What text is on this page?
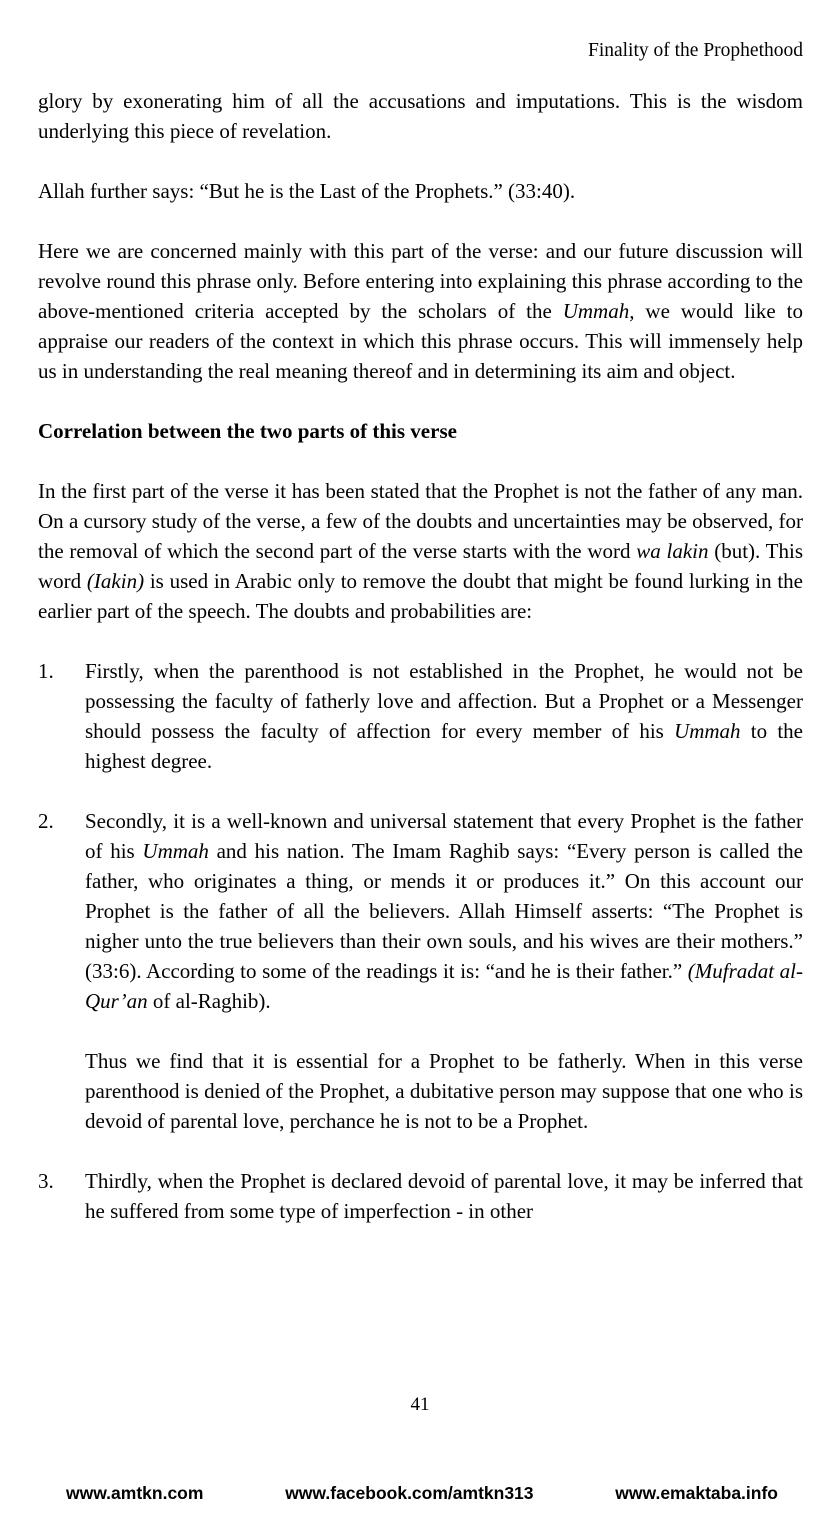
Finality of the Prophethood

glory by exonerating him of all the accusations and imputations. This is the wisdom underlying this piece of revelation.

Allah further says: “But he is the Last of the Prophets.” (33:40).

Here we are concerned mainly with this part of the verse: and our future discussion will revolve round this phrase only. Before entering into explaining this phrase according to the above-mentioned criteria accepted by the scholars of the Ummah, we would like to appraise our readers of the context in which this phrase occurs. This will immensely help us in understanding the real meaning thereof and in determining its aim and object.

Correlation between the two parts of this verse

In the first part of the verse it has been stated that the Prophet is not the father of any man. On a cursory study of the verse, a few of the doubts and uncertainties may be observed, for the removal of which the second part of the verse starts with the word wa lakin (but). This word (Iakin) is used in Arabic only to remove the doubt that might be found lurking in the earlier part of the speech. The doubts and probabilities are:

1.	Firstly, when the parenthood is not established in the Prophet, he would not be possessing the faculty of fatherly love and affection. But a Prophet or a Messenger should possess the faculty of affection for every member of his Ummah to the highest degree.

2.	Secondly, it is a well-known and universal statement that every Prophet is the father of his Ummah and his nation. The Imam Raghib says: “Every person is called the father, who originates a thing, or mends it or produces it.” On this account our Prophet is the father of all the believers. Allah Himself asserts: “The Prophet is nigher unto the true believers than their own souls, and his wives are their mothers.” (33:6). According to some of the readings it is: “and he is their father.” (Mufradat al-Qur’an of al-Raghib).

Thus we find that it is essential for a Prophet to be fatherly. When in this verse parenthood is denied of the Prophet, a dubitative person may suppose that one who is devoid of parental love, perchance he is not to be a Prophet.

3.	Thirdly, when the Prophet is declared devoid of parental love, it may be inferred that he suffered from some type of imperfection - in other

41
www.amtkn.com	www.facebook.com/amtkn313	www.emaktaba.info
